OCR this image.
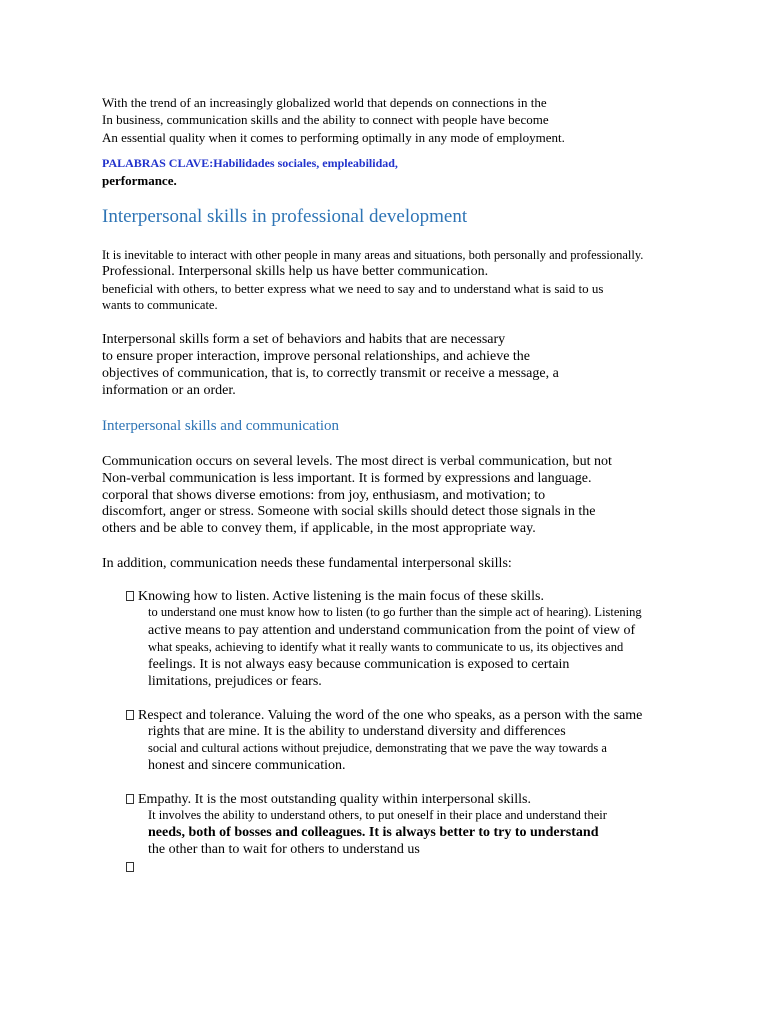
With the trend of an increasingly globalized world that depends on connections in the
In business, communication skills and the ability to connect with people have become
An essential quality when it comes to performing optimally in any mode of employment.
PALABRAS CLAVE:Habilidades sociales, empleabilidad,
performance.
Interpersonal skills in professional development
It is inevitable to interact with other people in many areas and situations, both personally and professionally.
Professional. Interpersonal skills help us have better communication.
beneficial with others, to better express what we need to say and to understand what is said to us
wants to communicate.
Interpersonal skills form a set of behaviors and habits that are necessary
to ensure proper interaction, improve personal relationships, and achieve the
objectives of communication, that is, to correctly transmit or receive a message, a
information or an order.
Interpersonal skills and communication
Communication occurs on several levels. The most direct is verbal communication, but not
Non-verbal communication is less important. It is formed by expressions and language.
corporal that shows diverse emotions: from joy, enthusiasm, and motivation; to
discomfort, anger or stress. Someone with social skills should detect those signals in the
others and be able to convey them, if applicable, in the most appropriate way.
In addition, communication needs these fundamental interpersonal skills:
Knowing how to listen. Active listening is the main focus of these skills.
to understand one must know how to listen (to go further than the simple act of hearing). Listening
active means to pay attention and understand communication from the point of view of
what speaks, achieving to identify what it really wants to communicate to us, its objectives and
feelings. It is not always easy because communication is exposed to certain
limitations, prejudices or fears.
Respect and tolerance. Valuing the word of the one who speaks, as a person with the same
rights that are mine. It is the ability to understand diversity and differences
social and cultural actions without prejudice, demonstrating that we pave the way towards a
honest and sincere communication.
Empathy. It is the most outstanding quality within interpersonal skills.
It involves the ability to understand others, to put oneself in their place and understand their
needs, both of bosses and colleagues. It is always better to try to understand
the other than to wait for others to understand us
